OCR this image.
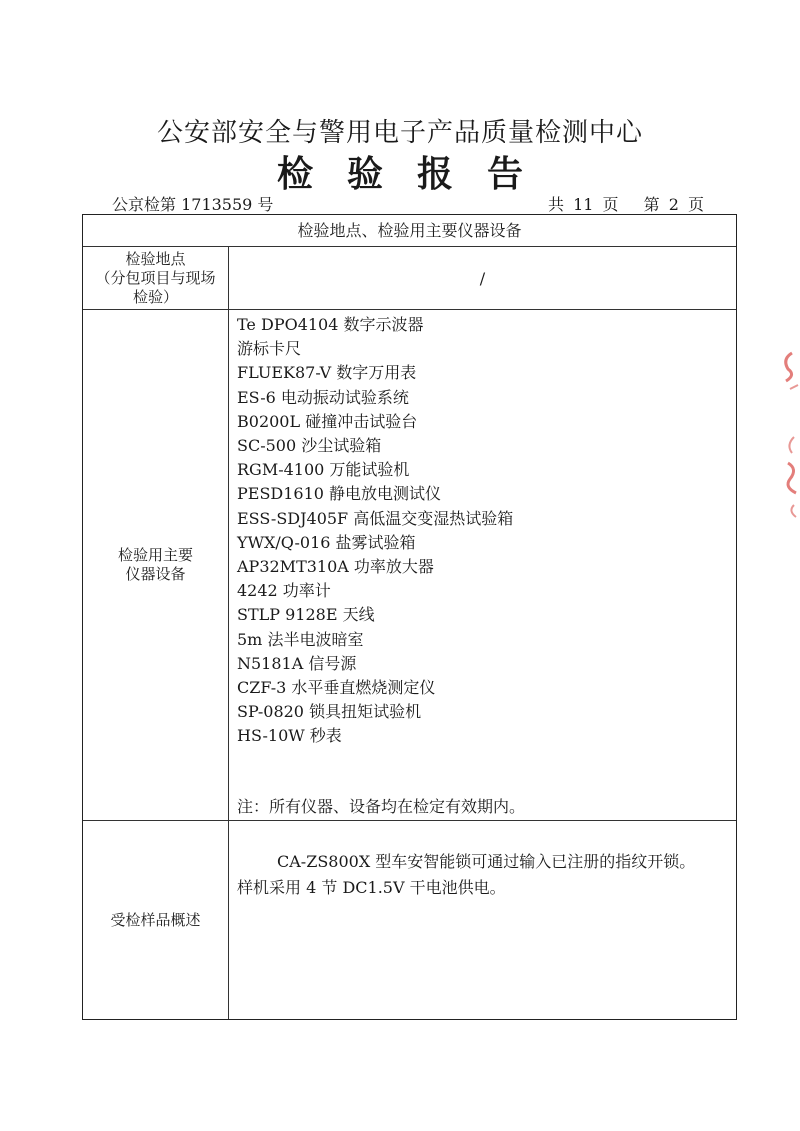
公安部安全与警用电子产品质量检测中心
检验报告
公京检第 1713559 号	共 11 页　 第 2 页
检验地点、检验用主要仪器设备
检验地点
（分包项目与现场
检验）
/
检验用主要
仪器设备
Te DPO4104 数字示波器
游标卡尺
FLUEK87-V 数字万用表
ES-6 电动振动试验系统
B0200L 碰撞冲击试验台
SC-500 沙尘试验箱
RGM-4100 万能试验机
PESD1610 静电放电测试仪
ESS-SDJ405F 高低温交变湿热试验箱
YWX/Q-016 盐雾试验箱
AP32MT310A 功率放大器
4242 功率计
STLP 9128E 天线
5m 法半电波暗室
N5181A 信号源
CZF-3 水平垂直燃烧测定仪
SP-0820 锁具扭矩试验机
HS-10W 秒表
注：所有仪器、设备均在检定有效期内。
受检样品概述
CA-ZS800X 型车安智能锁可通过输入已注册的指纹开锁。
样机采用 4 节 DC1.5V 干电池供电。
